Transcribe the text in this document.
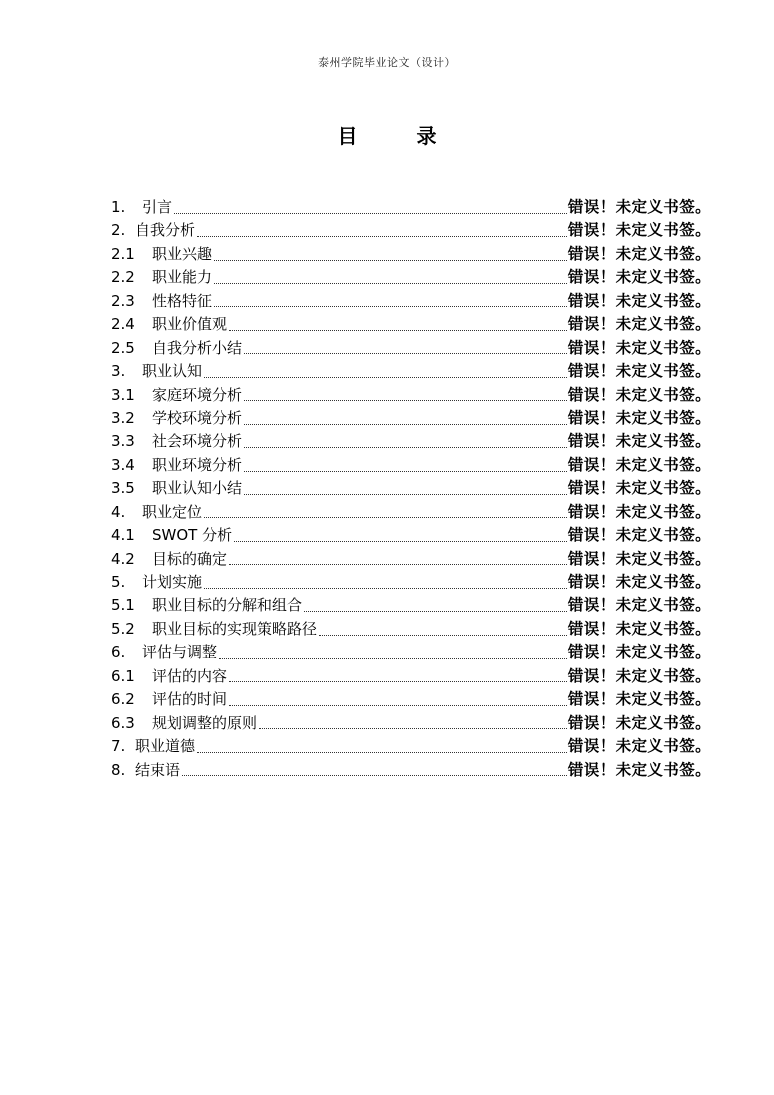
泰州学院毕业论文（设计）
目 录
1.	引言	错误！未定义书签。
2. 自我分析	错误！未定义书签。
2.1	职业兴趣	错误！未定义书签。
2.2	职业能力	错误！未定义书签。
2.3	性格特征	错误！未定义书签。
2.4	职业价值观	错误！未定义书签。
2.5	自我分析小结	错误！未定义书签。
3.	职业认知	错误！未定义书签。
3.1	家庭环境分析	错误！未定义书签。
3.2	学校环境分析	错误！未定义书签。
3.3	社会环境分析	错误！未定义书签。
3.4	职业环境分析	错误！未定义书签。
3.5	职业认知小结	错误！未定义书签。
4.	职业定位	错误！未定义书签。
4.1	SWOT 分析	错误！未定义书签。
4.2	目标的确定	错误！未定义书签。
5.	计划实施	错误！未定义书签。
5.1	职业目标的分解和组合	错误！未定义书签。
5.2	职业目标的实现策略路径	错误！未定义书签。
6.	评估与调整	错误！未定义书签。
6.1	评估的内容	错误！未定义书签。
6.2	评估的时间	错误！未定义书签。
6.3	规划调整的原则	错误！未定义书签。
7. 职业道德	错误！未定义书签。
8. 结束语	错误！未定义书签。
